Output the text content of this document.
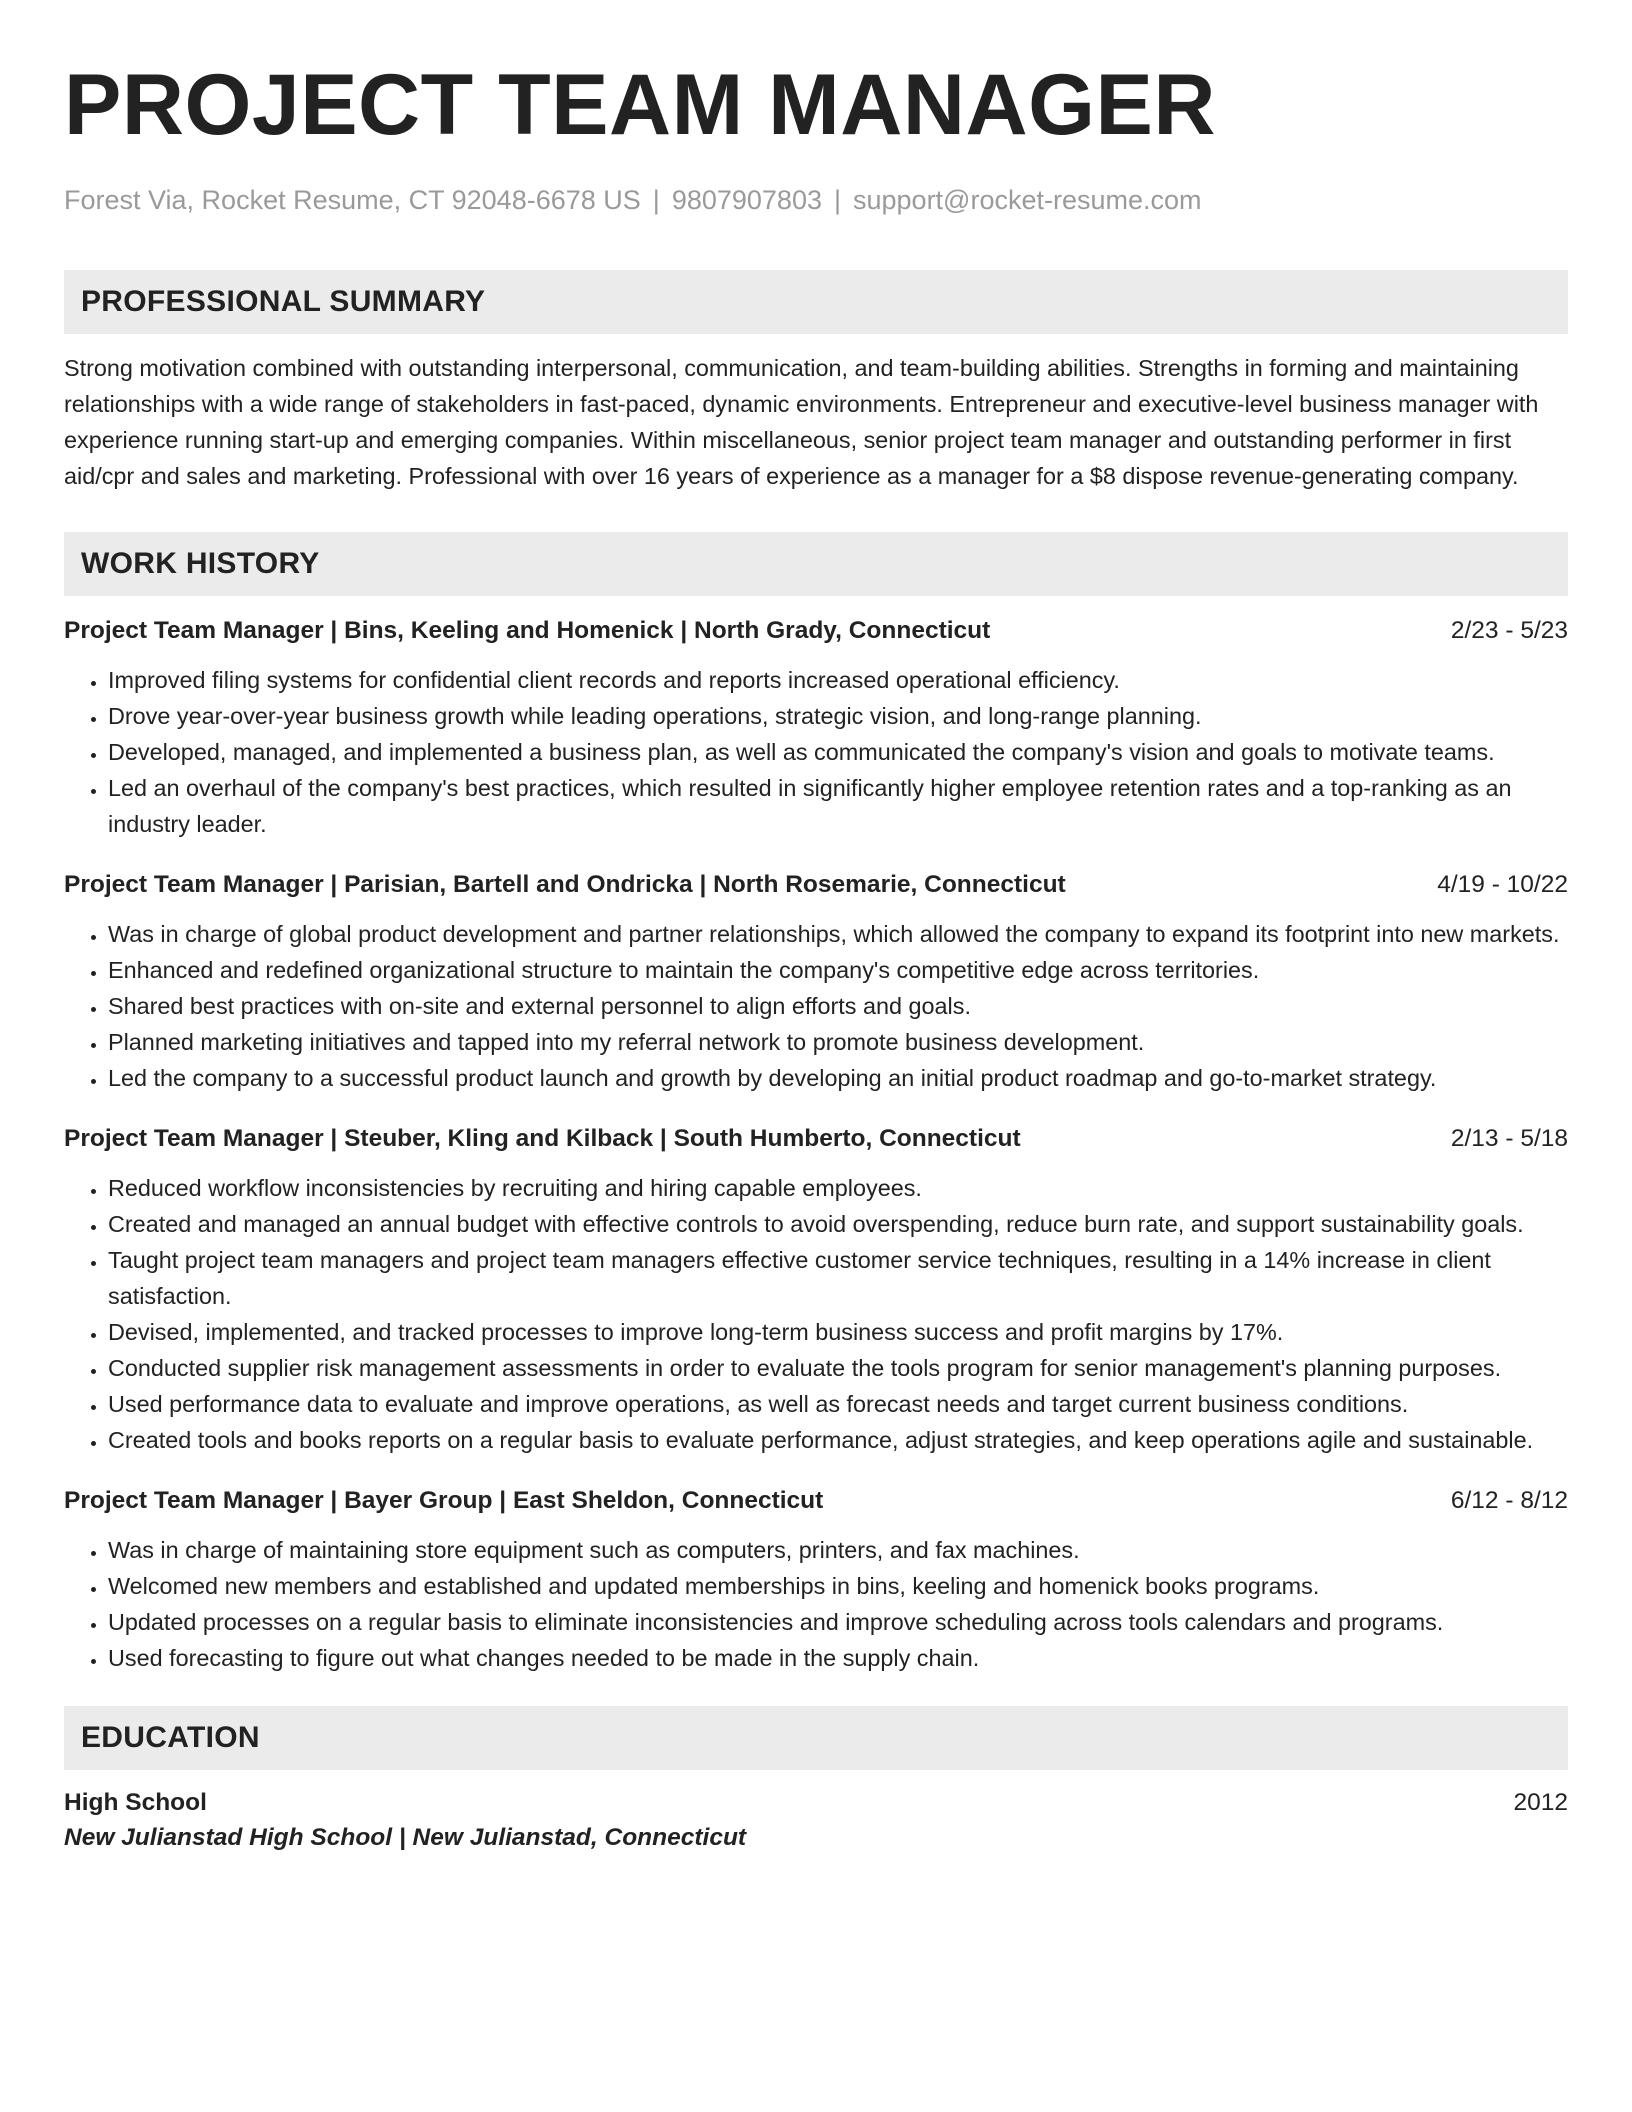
PROJECT TEAM MANAGER
Forest Via, Rocket Resume, CT 92048-6678 US | 9807907803 | support@rocket-resume.com
PROFESSIONAL SUMMARY
Strong motivation combined with outstanding interpersonal, communication, and team-building abilities. Strengths in forming and maintaining relationships with a wide range of stakeholders in fast-paced, dynamic environments. Entrepreneur and executive-level business manager with experience running start-up and emerging companies. Within miscellaneous, senior project team manager and outstanding performer in first aid/cpr and sales and marketing. Professional with over 16 years of experience as a manager for a $8 dispose revenue-generating company.
WORK HISTORY
Project Team Manager | Bins, Keeling and Homenick | North Grady, Connecticut	2/23 - 5/23
• Improved filing systems for confidential client records and reports increased operational efficiency.
• Drove year-over-year business growth while leading operations, strategic vision, and long-range planning.
• Developed, managed, and implemented a business plan, as well as communicated the company's vision and goals to motivate teams.
• Led an overhaul of the company's best practices, which resulted in significantly higher employee retention rates and a top-ranking as an industry leader.
Project Team Manager | Parisian, Bartell and Ondricka | North Rosemarie, Connecticut	4/19 - 10/22
• Was in charge of global product development and partner relationships, which allowed the company to expand its footprint into new markets.
• Enhanced and redefined organizational structure to maintain the company's competitive edge across territories.
• Shared best practices with on-site and external personnel to align efforts and goals.
• Planned marketing initiatives and tapped into my referral network to promote business development.
• Led the company to a successful product launch and growth by developing an initial product roadmap and go-to-market strategy.
Project Team Manager | Steuber, Kling and Kilback | South Humberto, Connecticut	2/13 - 5/18
• Reduced workflow inconsistencies by recruiting and hiring capable employees.
• Created and managed an annual budget with effective controls to avoid overspending, reduce burn rate, and support sustainability goals.
• Taught project team managers and project team managers effective customer service techniques, resulting in a 14% increase in client satisfaction.
• Devised, implemented, and tracked processes to improve long-term business success and profit margins by 17%.
• Conducted supplier risk management assessments in order to evaluate the tools program for senior management's planning purposes.
• Used performance data to evaluate and improve operations, as well as forecast needs and target current business conditions.
• Created tools and books reports on a regular basis to evaluate performance, adjust strategies, and keep operations agile and sustainable.
Project Team Manager | Bayer Group | East Sheldon, Connecticut	6/12 - 8/12
• Was in charge of maintaining store equipment such as computers, printers, and fax machines.
• Welcomed new members and established and updated memberships in bins, keeling and homenick books programs.
• Updated processes on a regular basis to eliminate inconsistencies and improve scheduling across tools calendars and programs.
• Used forecasting to figure out what changes needed to be made in the supply chain.
EDUCATION
High School	2012
New Julianstad High School | New Julianstad, Connecticut
